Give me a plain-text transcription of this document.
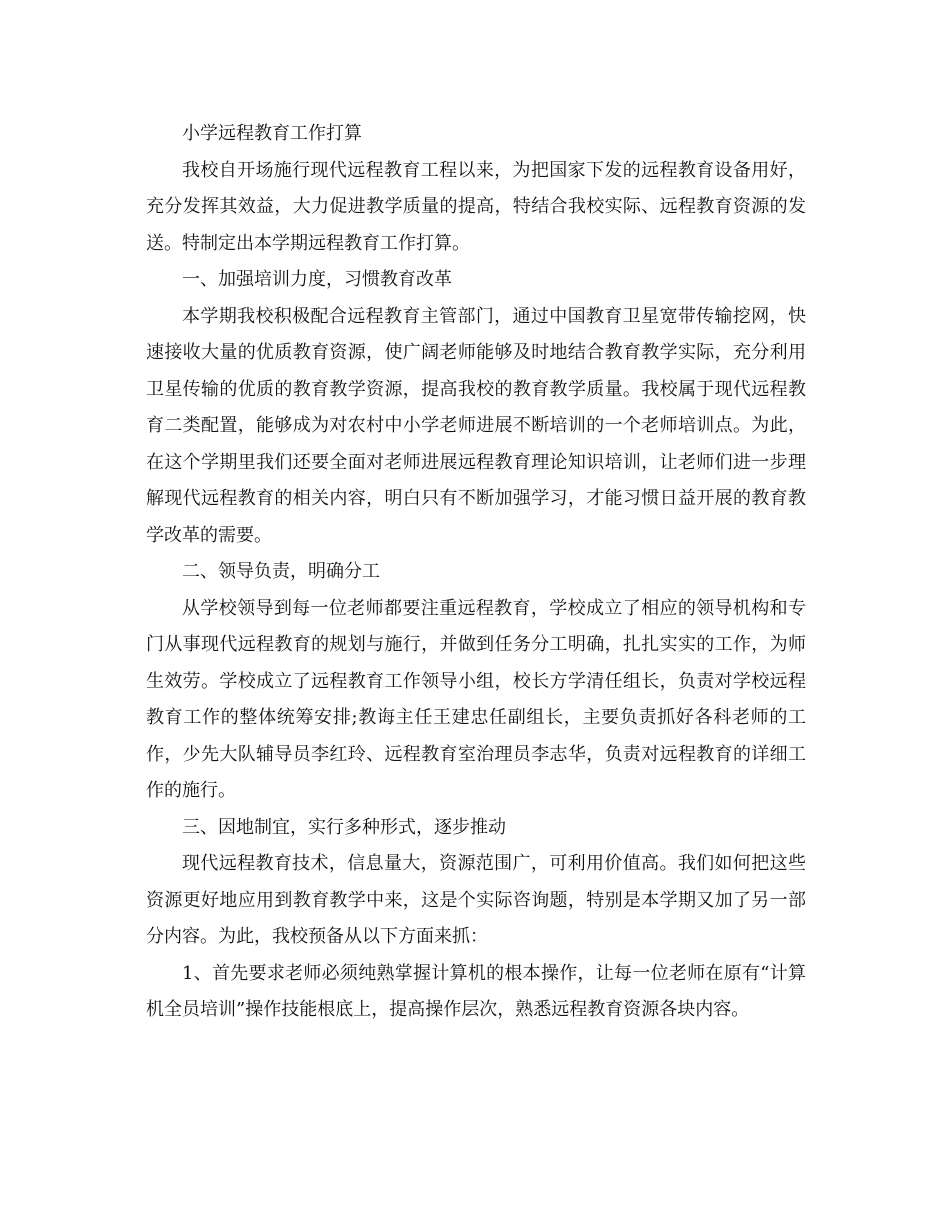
小学远程教育工作打算

我校自开场施行现代远程教育工程以来，为把国家下发的远程教育设备用好，充分发挥其效益，大力促进教学质量的提高，特结合我校实际、远程教育资源的发送。特制定出本学期远程教育工作打算。

一、加强培训力度，习惯教育改革

本学期我校积极配合远程教育主管部门，通过中国教育卫星宽带传输挖网，快速接收大量的优质教育资源，使广阔老师能够及时地结合教育教学实际，充分利用卫星传输的优质的教育教学资源，提高我校的教育教学质量。我校属于现代远程教育二类配置，能够成为对农村中小学老师进展不断培训的一个老师培训点。为此，在这个学期里我们还要全面对老师进展远程教育理论知识培训，让老师们进一步理解现代远程教育的相关内容，明白只有不断加强学习，才能习惯日益开展的教育教学改革的需要。

二、领导负责，明确分工

从学校领导到每一位老师都要注重远程教育，学校成立了相应的领导机构和专门从事现代远程教育的规划与施行，并做到任务分工明确，扎扎实实的工作，为师生效劳。学校成立了远程教育工作领导小组，校长方学清任组长，负责对学校远程教育工作的整体统筹安排;教诲主任王建忠任副组长，主要负责抓好各科老师的工作，少先大队辅导员李红玲、远程教育室治理员李志华，负责对远程教育的详细工作的施行。

三、因地制宜，实行多种形式，逐步推动

现代远程教育技术，信息量大，资源范围广，可利用价值高。我们如何把这些资源更好地应用到教育教学中来，这是个实际咨询题，特别是本学期又加了另一部分内容。为此，我校预备从以下方面来抓：

1、首先要求老师必须纯熟掌握计算机的根本操作，让每一位老师在原有“计算机全员培训”操作技能根底上，提高操作层次，熟悉远程教育资源各块内容。
